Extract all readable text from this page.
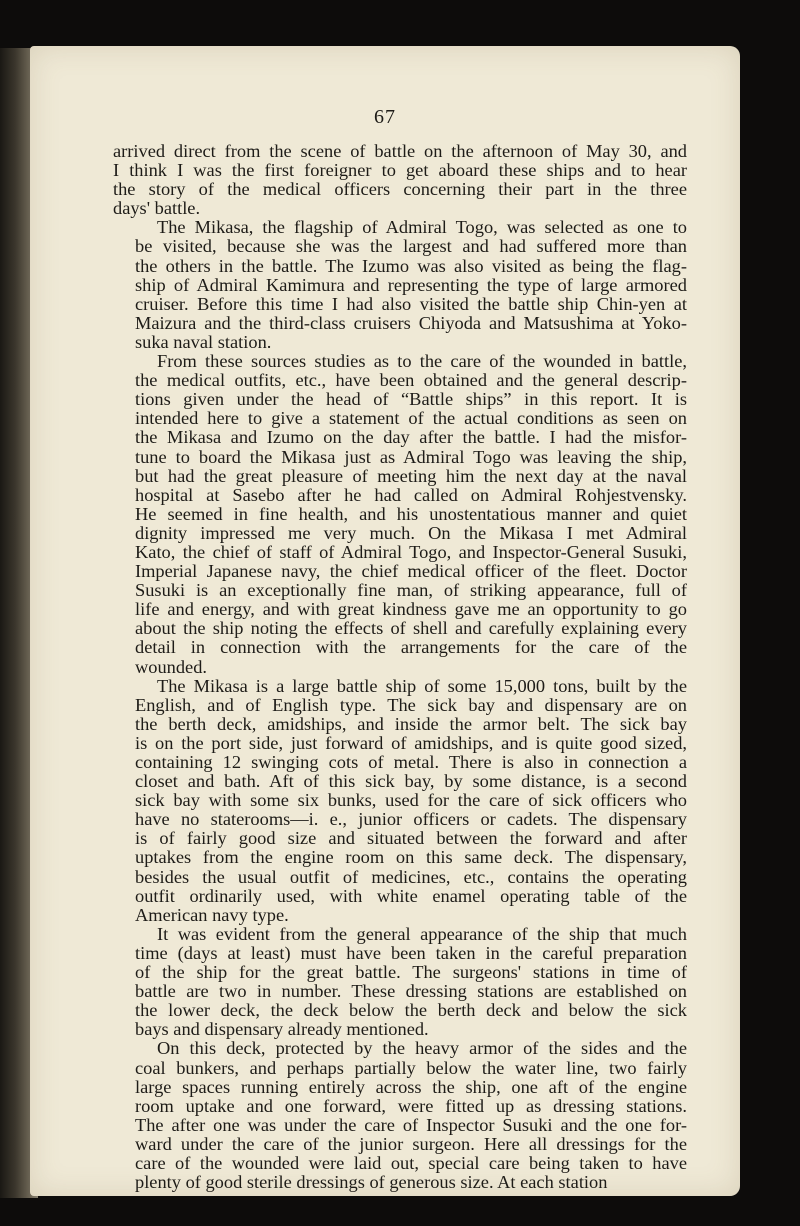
67
arrived direct from the scene of battle on the afternoon of May 30, and
I think I was the first foreigner to get aboard these ships and to hear
the story of the medical officers concerning their part in the three
days' battle.
The Mikasa, the flagship of Admiral Togo, was selected as one to
be visited, because she was the largest and had suffered more than
the others in the battle. The Izumo was also visited as being the flag-
ship of Admiral Kamimura and representing the type of large armored
cruiser. Before this time I had also visited the battle ship Chin-yen at
Maizura and the third-class cruisers Chiyoda and Matsushima at Yoko-
suka naval station.
From these sources studies as to the care of the wounded in battle,
the medical outfits, etc., have been obtained and the general descrip-
tions given under the head of “Battle ships” in this report. It is
intended here to give a statement of the actual conditions as seen on
the Mikasa and Izumo on the day after the battle. I had the misfor-
tune to board the Mikasa just as Admiral Togo was leaving the ship,
but had the great pleasure of meeting him the next day at the naval
hospital at Sasebo after he had called on Admiral Rohjestvensky.
He seemed in fine health, and his unostentatious manner and quiet
dignity impressed me very much. On the Mikasa I met Admiral
Kato, the chief of staff of Admiral Togo, and Inspector-General Susuki,
Imperial Japanese navy, the chief medical officer of the fleet. Doctor
Susuki is an exceptionally fine man, of striking appearance, full of
life and energy, and with great kindness gave me an opportunity to go
about the ship noting the effects of shell and carefully explaining every
detail in connection with the arrangements for the care of the
wounded.
The Mikasa is a large battle ship of some 15,000 tons, built by the
English, and of English type. The sick bay and dispensary are on
the berth deck, amidships, and inside the armor belt. The sick bay
is on the port side, just forward of amidships, and is quite good sized,
containing 12 swinging cots of metal. There is also in connection a
closet and bath. Aft of this sick bay, by some distance, is a second
sick bay with some six bunks, used for the care of sick officers who
have no staterooms—i. e., junior officers or cadets. The dispensary
is of fairly good size and situated between the forward and after
uptakes from the engine room on this same deck. The dispensary,
besides the usual outfit of medicines, etc., contains the operating
outfit ordinarily used, with white enamel operating table of the
American navy type.
It was evident from the general appearance of the ship that much
time (days at least) must have been taken in the careful preparation
of the ship for the great battle. The surgeons' stations in time of
battle are two in number. These dressing stations are established on
the lower deck, the deck below the berth deck and below the sick
bays and dispensary already mentioned.
On this deck, protected by the heavy armor of the sides and the
coal bunkers, and perhaps partially below the water line, two fairly
large spaces running entirely across the ship, one aft of the engine
room uptake and one forward, were fitted up as dressing stations.
The after one was under the care of Inspector Susuki and the one for-
ward under the care of the junior surgeon. Here all dressings for the
care of the wounded were laid out, special care being taken to have
plenty of good sterile dressings of generous size. At each station
